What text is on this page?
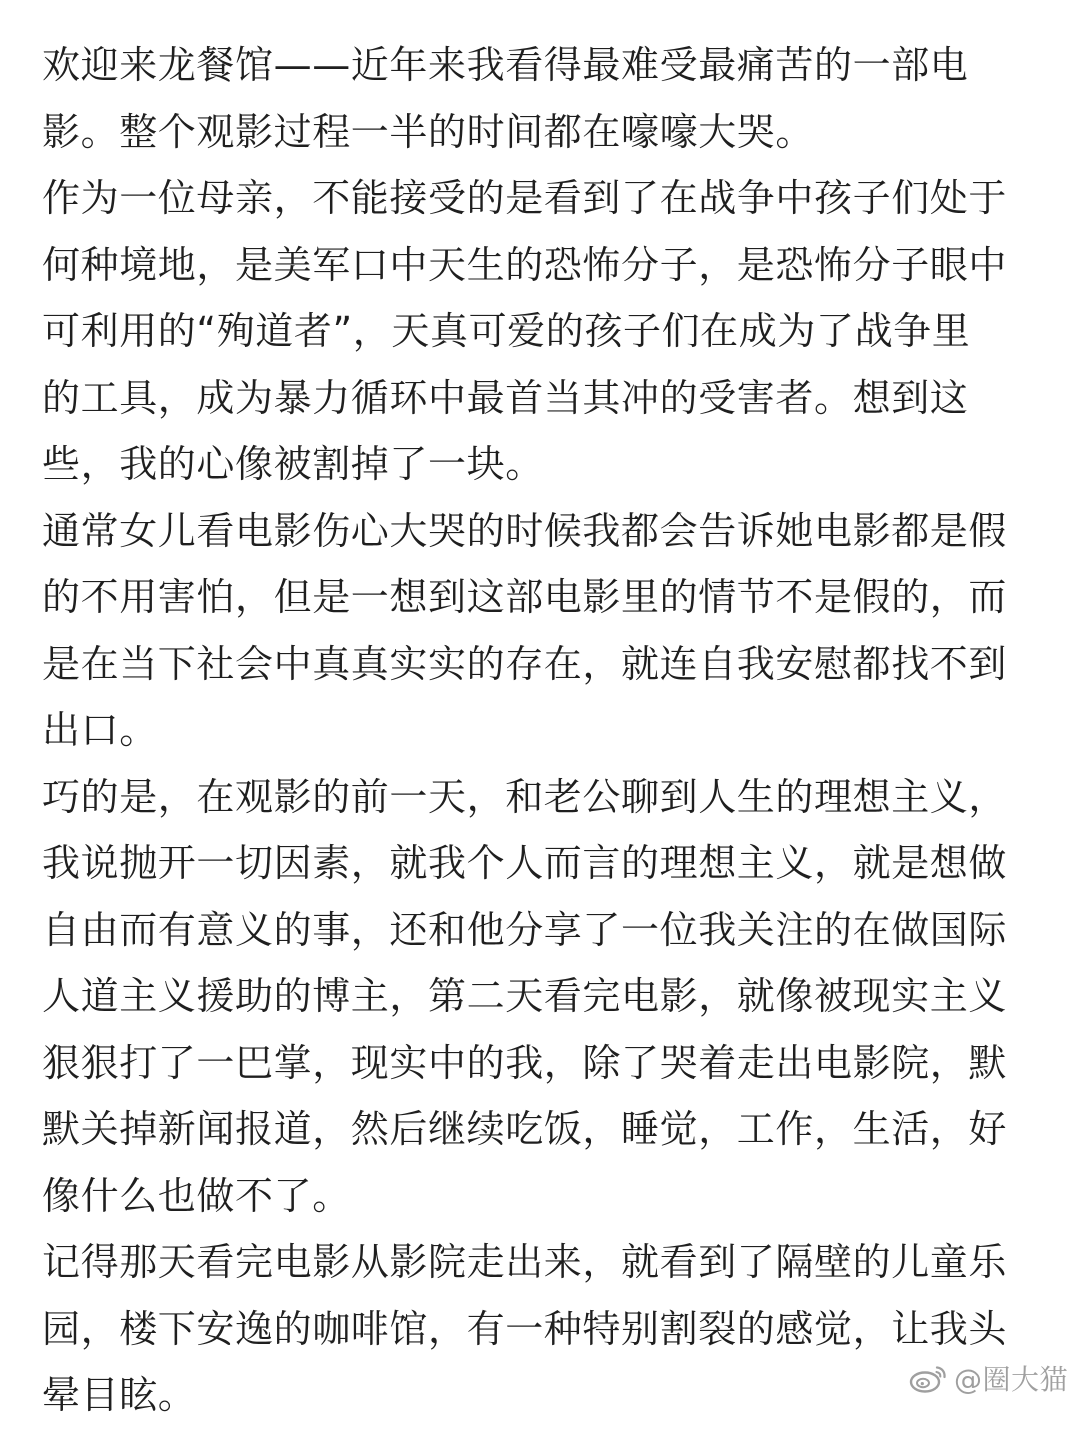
欢迎来龙餐馆——近年来我看得最难受最痛苦的一部电
影。整个观影过程一半的时间都在嚎嚎大哭。
作为一位母亲，不能接受的是看到了在战争中孩子们处于
何种境地，是美军口中天生的恐怖分子，是恐怖分子眼中
可利用的“殉道者”，天真可爱的孩子们在成为了战争里
的工具，成为暴力循环中最首当其冲的受害者。想到这
些，我的心像被割掉了一块。
通常女儿看电影伤心大哭的时候我都会告诉她电影都是假
的不用害怕，但是一想到这部电影里的情节不是假的，而
是在当下社会中真真实实的存在，就连自我安慰都找不到
出口。
巧的是，在观影的前一天，和老公聊到人生的理想主义，
我说抛开一切因素，就我个人而言的理想主义，就是想做
自由而有意义的事，还和他分享了一位我关注的在做国际
人道主义援助的博主，第二天看完电影，就像被现实主义
狠狠打了一巴掌，现实中的我，除了哭着走出电影院，默
默关掉新闻报道，然后继续吃饭，睡觉，工作，生活，好
像什么也做不了。
记得那天看完电影从影院走出来，就看到了隔壁的儿童乐
园，楼下安逸的咖啡馆，有一种特别割裂的感觉，让我头
晕目眩。	@圈大猫
